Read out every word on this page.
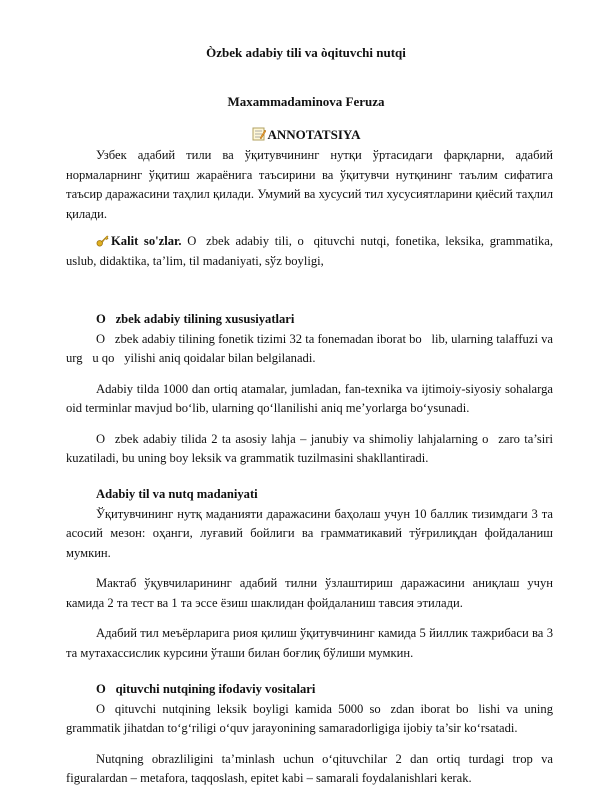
Òzbek adabiy tili va òqituvchi nutqi
Maxammadaminova Feruza
ANNOTATSIYA
Узбек адабий тили ва ўқитувчининг нутқи ўртасидаги фарқларни, адабий нормаларнинг ўқитиш жараёнига таъсирини ва ўқитувчи нутқининг таълим сифатига таъсир даражасини таҳлил қилади. Умумий ва хусусий тил хусусиятларини қиёсий таҳлил қилади.
Kalit so'zlar. O zbek adabiy tili, o qituvchi nutqi, fonetika, leksika, grammatika, uslub, didaktika, ta’lim, til madaniyati, sўz boyligi,
O zbek adabiy tilining xususiyatlari
O zbek adabiy tilining fonetik tizimi 32 ta fonemadan iborat bo lib, ularning talaffuzi va urg u qo yilishi aniq qoidalar bilan belgilanadi.
Adabiy tilda 1000 dan ortiq atamalar, jumladan, fan-texnika va ijtimoiy-siyosiy sohalarga oid terminlar mavjud bo‘lib, ularning qo‘llanilishi aniq me’yorlarga bo‘ysunadi.
O zbek adabiy tilida 2 ta asosiy lahja – janubiy va shimoliy lahjalarning o zaro ta’siri kuzatiladi, bu uning boy leksik va grammatik tuzilmasini shakllantiradi.
Adabiy til va nutq madaniyati
Ўқитувчининг нутқ маданияти даражасини баҳолаш учун 10 баллик тизимдаги 3 та асосий мезон: оҳанги, луғавий бойлиги ва грамматикавий тўғрилиқдан фойдаланиш мумкин.
Мактаб ўқувчиларининг адабий тилни ўзлаштириш даражасини аниқлаш учун камида 2 та тест ва 1 та эссе ёзиш шаклидан фойдаланиш тавсия этилади.
Адабий тил меъёрларига риоя қилиш ўқитувчининг камида 5 йиллик тажрибаси ва 3 та мутахассислик курсини ўташи билан боғлиқ бўлиши мумкин.
O qituvchi nutqining ifodaviy vositalari
O qituvchi nutqining leksik boyligi kamida 5000 so zdan iborat bo lishi va uning grammatik jihatdan to‘g‘riligi o‘quv jarayonining samaradorligiga ijobiy ta’sir ko‘rsatadi.
Nutqning obrazliligini ta’minlash uchun o‘qituvchilar 2 dan ortiq turdagi trop va figuralardan – metafora, taqqoslash, epitet kabi – samarali foydalanishlari kerak.
